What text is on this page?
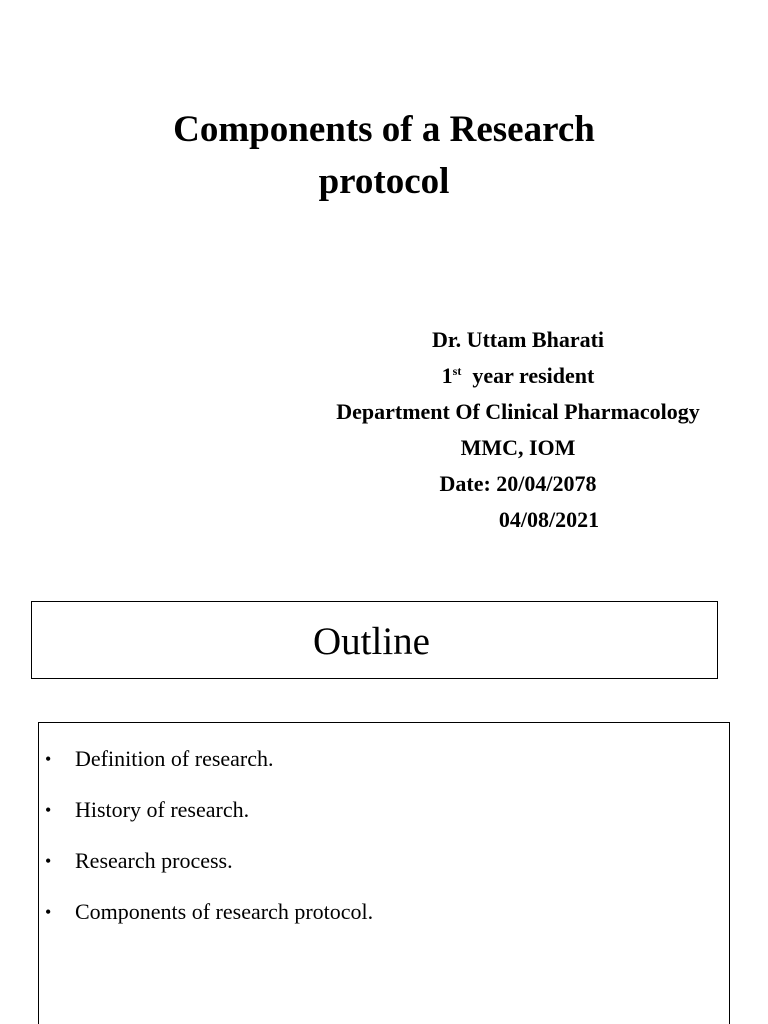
Components of a Research
protocol
Dr. Uttam Bharati
1st year resident
Department Of Clinical Pharmacology
MMC, IOM
Date: 20/04/2078
04/08/2021
Outline
• Definition of research.
• History of research.
• Research process.
• Components of research protocol.
